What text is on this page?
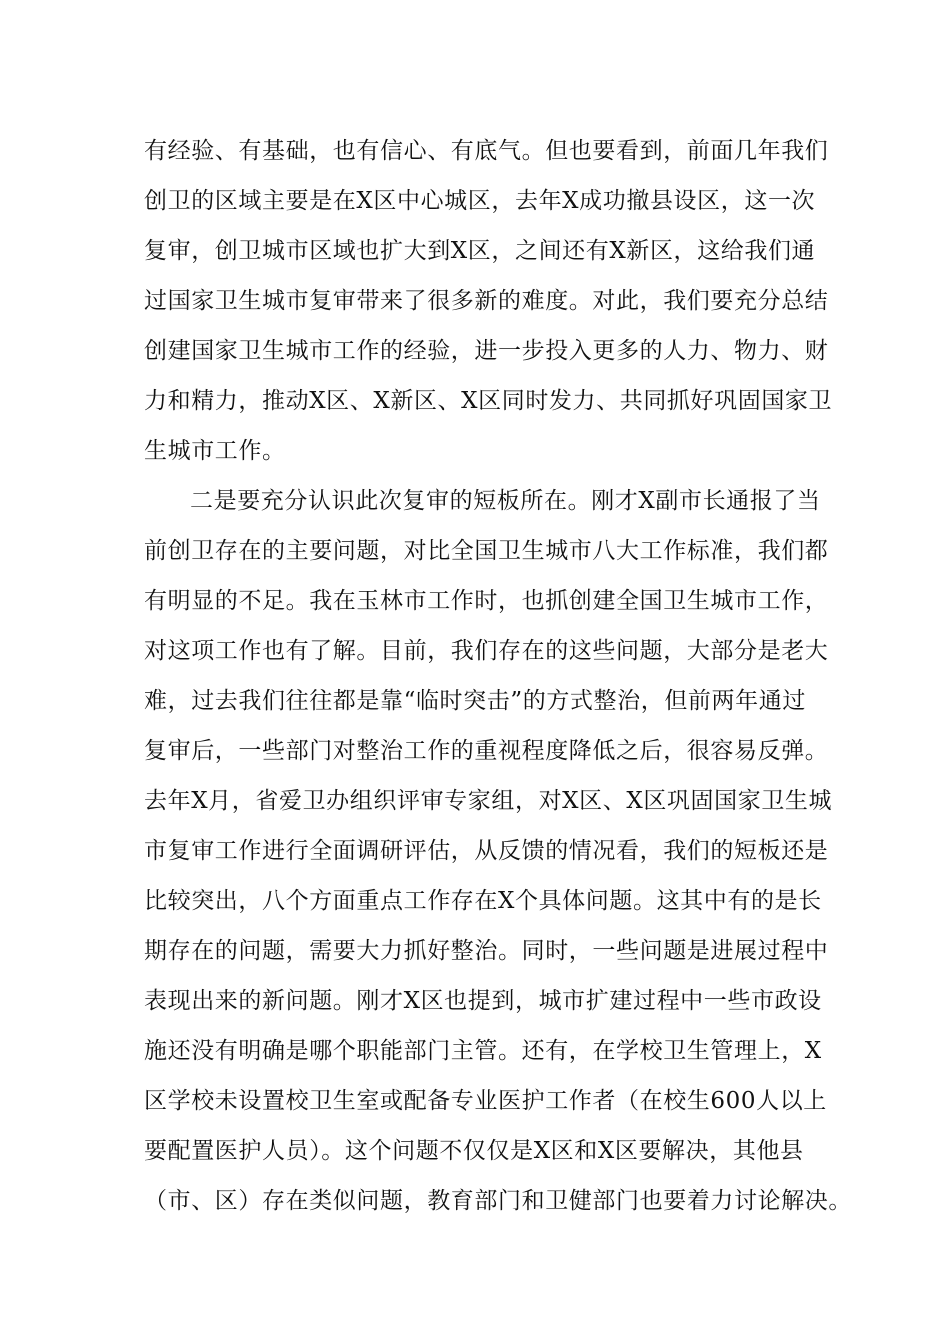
有经验、有基础，也有信心、有底气。但也要看到，前面几年我们
创卫的区域主要是在X区中心城区，去年X成功撤县设区，这一次
复审，创卫城市区域也扩大到X区，之间还有X新区，这给我们通
过国家卫生城市复审带来了很多新的难度。对此，我们要充分总结
创建国家卫生城市工作的经验，进一步投入更多的人力、物力、财
力和精力，推动X区、X新区、X区同时发力、共同抓好巩固国家卫
生城市工作。
二是要充分认识此次复审的短板所在。刚才X副市长通报了当
前创卫存在的主要问题，对比全国卫生城市八大工作标准，我们都
有明显的不足。我在玉林市工作时，也抓创建全国卫生城市工作，
对这项工作也有了解。目前，我们存在的这些问题，大部分是老大
难，过去我们往往都是靠“临时突击”的方式整治，但前两年通过
复审后，一些部门对整治工作的重视程度降低之后，很容易反弹。
去年X月，省爱卫办组织评审专家组，对X区、X区巩固国家卫生城
市复审工作进行全面调研评估，从反馈的情况看，我们的短板还是
比较突出，八个方面重点工作存在X个具体问题。这其中有的是长
期存在的问题，需要大力抓好整治。同时，一些问题是进展过程中
表现出来的新问题。刚才X区也提到，城市扩建过程中一些市政设
施还没有明确是哪个职能部门主管。还有，在学校卫生管理上，X
区学校未设置校卫生室或配备专业医护工作者（在校生600人以上
要配置医护人员）。这个问题不仅仅是X区和X区要解决，其他县
（市、区）存在类似问题，教育部门和卫健部门也要着力讨论解决。
